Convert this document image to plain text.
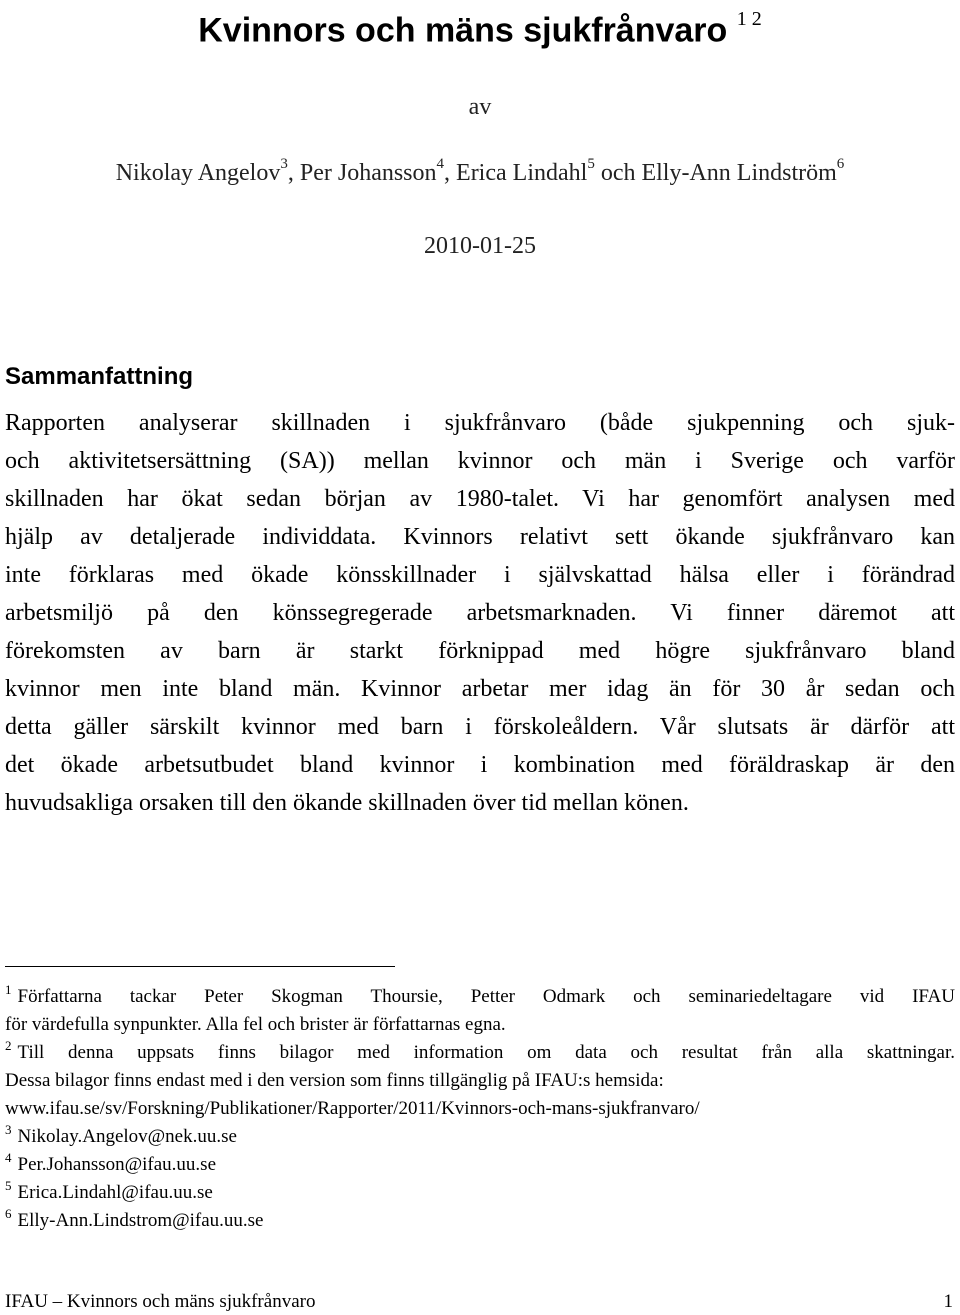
Kvinnors och mäns sjukfrånvaro $^{1 2}$
av
Nikolay Angelov$^3$, Per Johansson$^4$, Erica Lindahl$^5$ och Elly-Ann Lindström$^6$
2010-01-25
Sammanfattning
Rapporten analyserar skillnaden i sjukfrånvaro (både sjukpenning och sjuk-
och aktivitetsersättning (SA)) mellan kvinnor och män i Sverige och varför
skillnaden har ökat sedan början av 1980-talet. Vi har genomfört analysen med
hjälp av detaljerade individdata. Kvinnors relativt sett ökande sjukfrånvaro kan
inte förklaras med ökade könsskillnader i självskattad hälsa eller i förändrad
arbetsmiljö på den könssegregerade arbetsmarknaden. Vi finner däremot att
förekomsten av barn är starkt förknippad med högre sjukfrånvaro bland
kvinnor men inte bland män. Kvinnor arbetar mer idag än för 30 år sedan och
detta gäller särskilt kvinnor med barn i förskoleåldern. Vår slutsats är därför att
det ökade arbetsutbudet bland kvinnor i kombination med föräldraskap är den
huvudsakliga orsaken till den ökande skillnaden över tid mellan könen.
$^1$ Författarna tackar Peter Skogman Thoursie, Petter Odmark och seminariedeltagare vid IFAU
för värdefulla synpunkter. Alla fel och brister är författarnas egna.
$^2$ Till denna uppsats finns bilagor med information om data och resultat från alla skattningar.
Dessa bilagor finns endast med i den version som finns tillgänglig på IFAU:s hemsida:
www.ifau.se/sv/Forskning/Publikationer/Rapporter/2011/Kvinnors-och-mans-sjukfranvaro/
$^3$ Nikolay.Angelov@nek.uu.se
$^4$ Per.Johansson@ifau.uu.se
$^5$ Erica.Lindahl@ifau.uu.se
$^6$ Elly-Ann.Lindstrom@ifau.uu.se
IFAU – Kvinnors och mäns sjukfrånvaro	1
